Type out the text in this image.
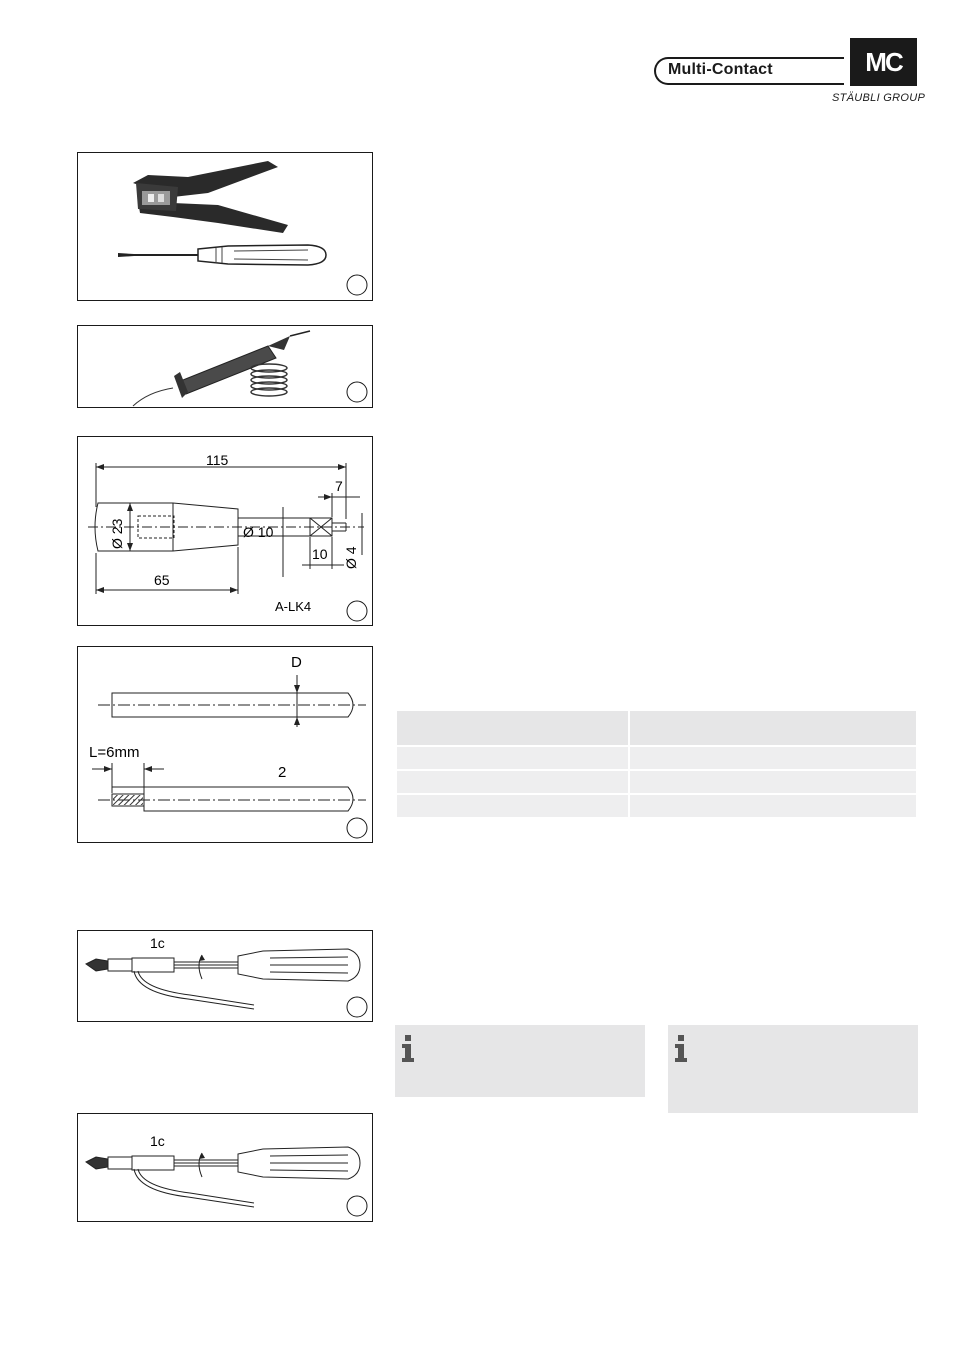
Multi-Contact	MC
STÄUBLI GROUP
115
Ø 23	Ø 10
7
10 Ø 4
65
A-LK4
D
L=6mm
2
1c
1c
